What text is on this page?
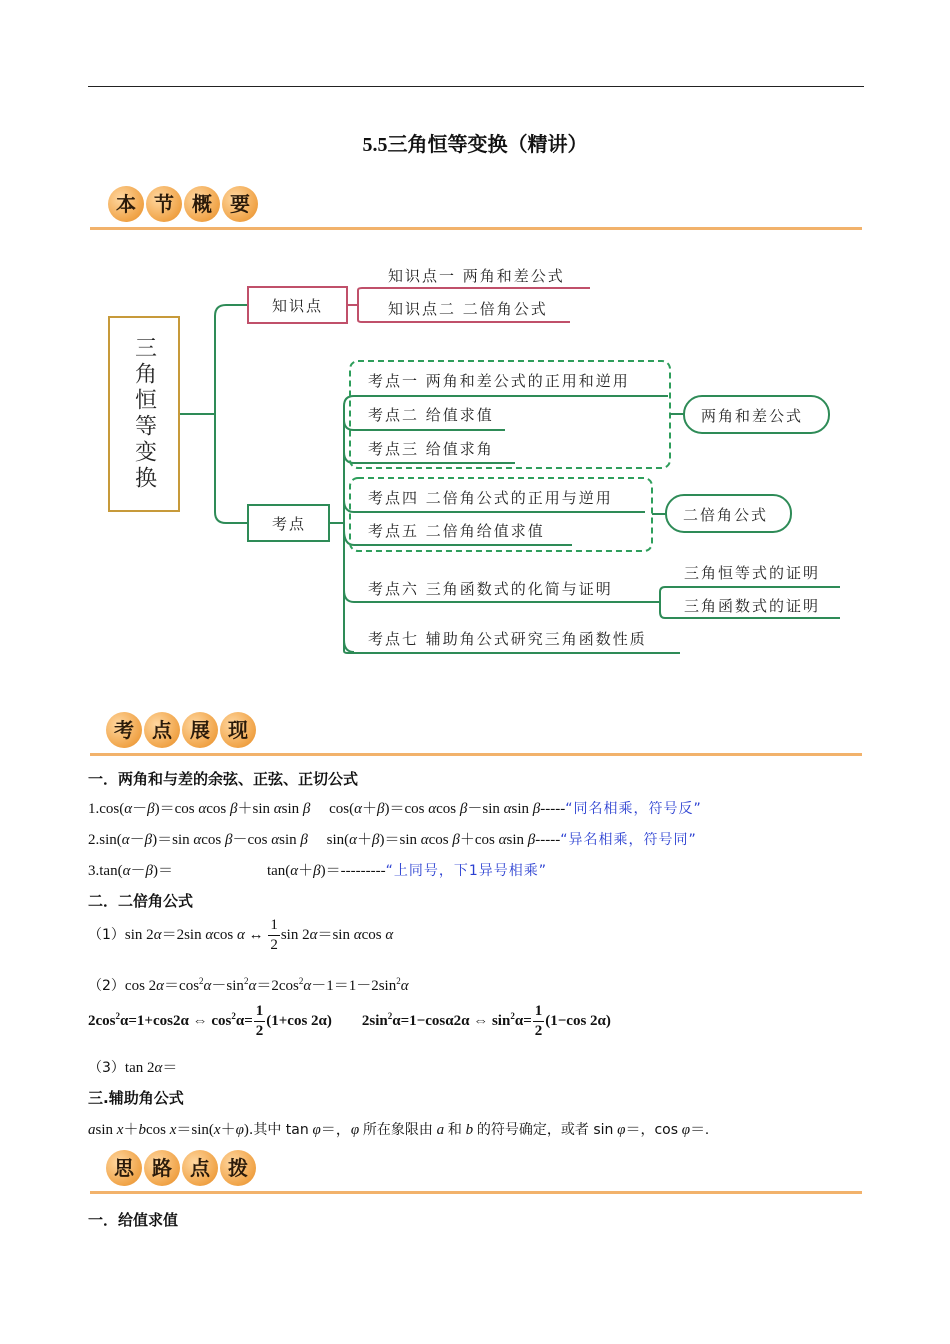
5.5三角恒等变换（精讲）
本 节 概 要
三角恒等变换
知识点
知识点一 两角和差公式
知识点二 二倍角公式
考点
考点一 两角和差公式的正用和逆用
考点二 给值求值
考点三 给值求角
考点四 二倍角公式的正用与逆用
考点五 二倍角给值求值
考点六 三角函数式的化简与证明
考点七 辅助角公式研究三角函数性质
两角和差公式
二倍角公式
三角恒等式的证明
三角函数式的证明
考 点 展 现
一．两角和与差的余弦、正弦、正切公式
1.cos(α－β)＝cos αcos β＋sin αsin β     cos(α＋β)＝cos αcos β－sin αsin β-----“同名相乘，符号反”
2.sin(α－β)＝sin αcos β－cos αsin β     sin(α＋β)＝sin αcos β＋cos αsin β-----“异名相乘，符号同”
3.tan(α－β)＝	tan(α＋β)＝---------“上同号，下1异号相乘”
二．二倍角公式
（1）sin 2α＝2sin αcos α ↔ $\frac{1}{2}$ sin 2α＝sin αcos α
（2）cos $2\alpha=\cos^2\alpha-\sin^2\alpha=2\cos^2\alpha-1=1-2\sin^2\alpha$
$2\cos^2\alpha=1+\cos 2\alpha$ ⇔ $\cos^2\alpha= \frac{1}{2} (1+\cos$ 2α)        $2\sin^2\alpha=1-\cos\alpha 2\alpha$ ⇔ $\sin^2\alpha= \frac{1}{2} (1-\cos$ 2α)
（3）tan 2α＝
三.辅助角公式
asin x＋bcos x＝sin(x＋φ).其中 tan φ＝，φ 所在象限由 a 和 b 的符号确定，或者 sin φ＝，cos φ＝.
思 路 点 拨
一．给值求值
